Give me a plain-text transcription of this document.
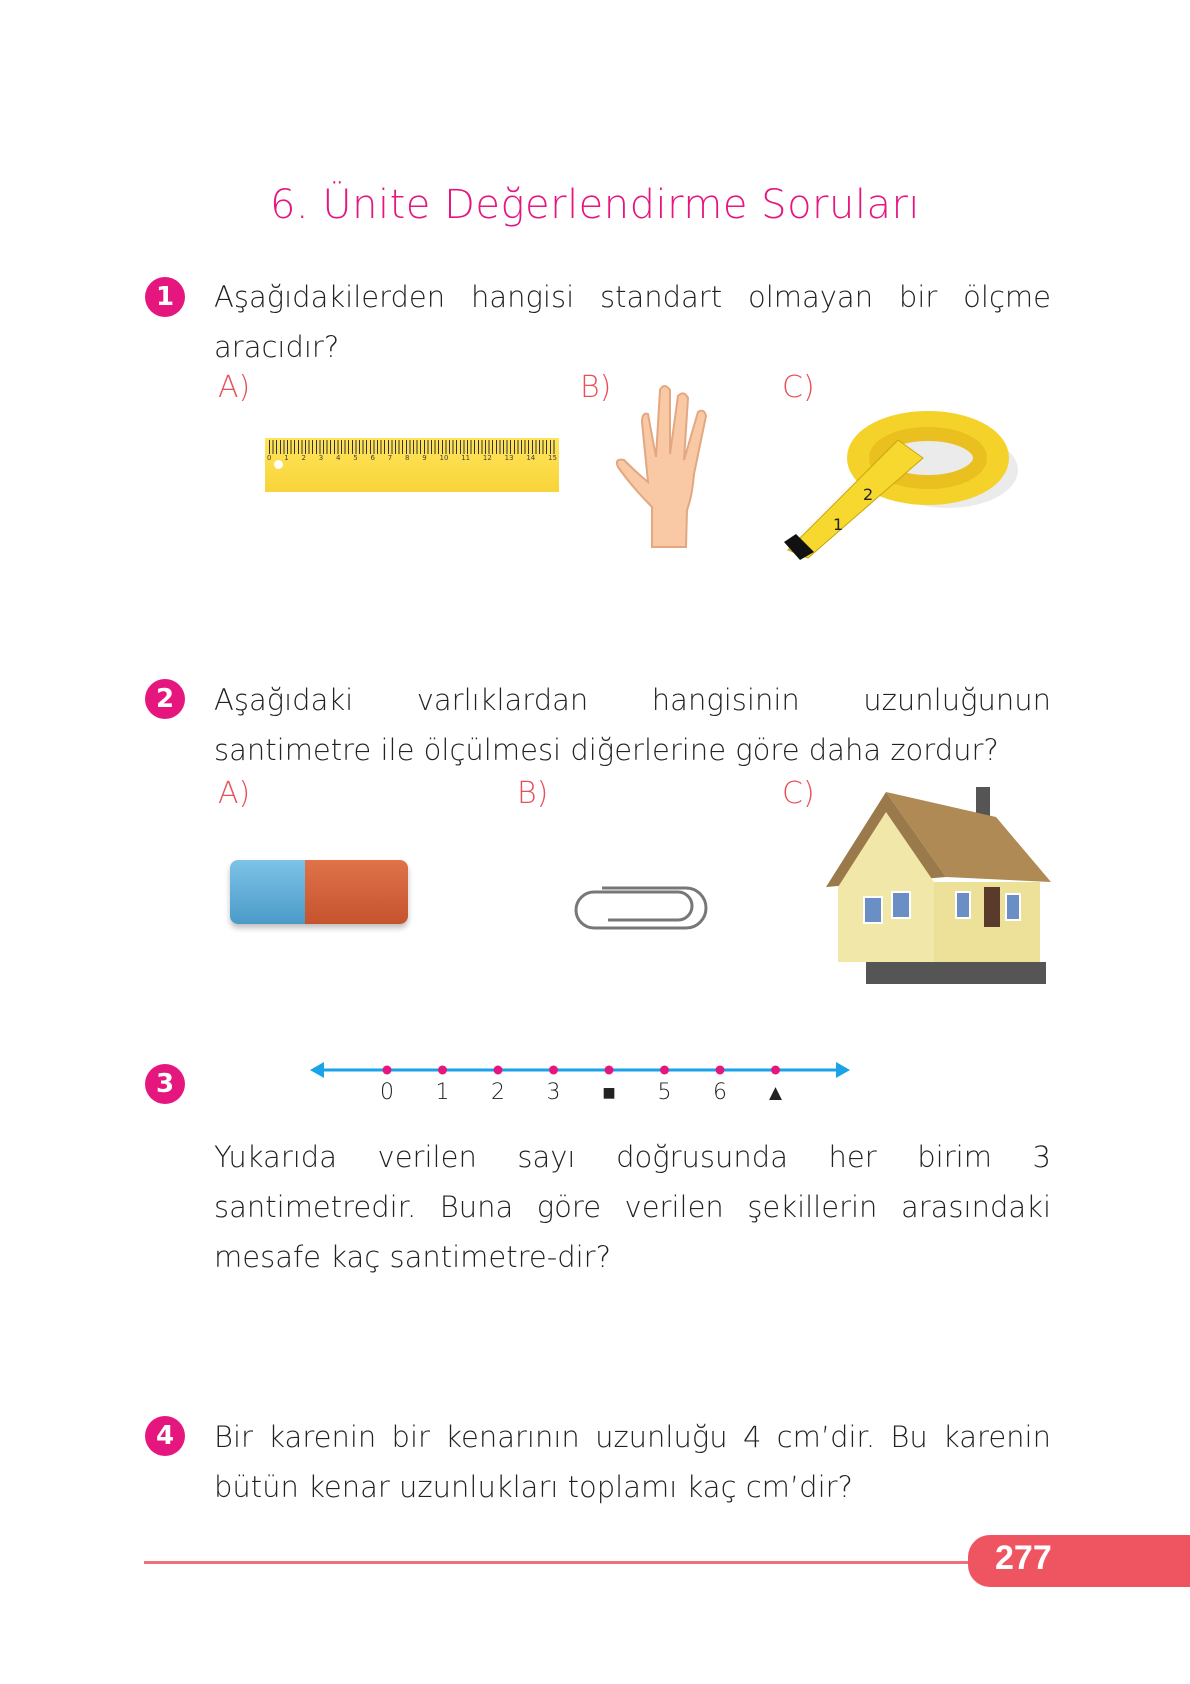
6. Ünite Değerlendirme Soruları
1	Aşağıdakilerden hangisi standart olmayan bir ölçme aracıdır?
A)	B)	C)
0 1 2 3 4 5 6 7 8 9 10 11 12 13 14 15
1
2
2	Aşağıdaki varlıklardan hangisinin uzunluğunun santimetre ile ölçülmesi diğerlerine göre daha zordur?
A)	B)	C)
3	0	1	2	3	■	5	6	▲
Yukarıda verilen sayı doğrusunda her birim 3 santimetredir. Buna göre verilen şekillerin arasındaki mesafe kaç santimetre-dir?
4	Bir karenin bir kenarının uzunluğu 4 cm’dir. Bu karenin bütün kenar uzunlukları toplamı kaç cm’dir?
277
